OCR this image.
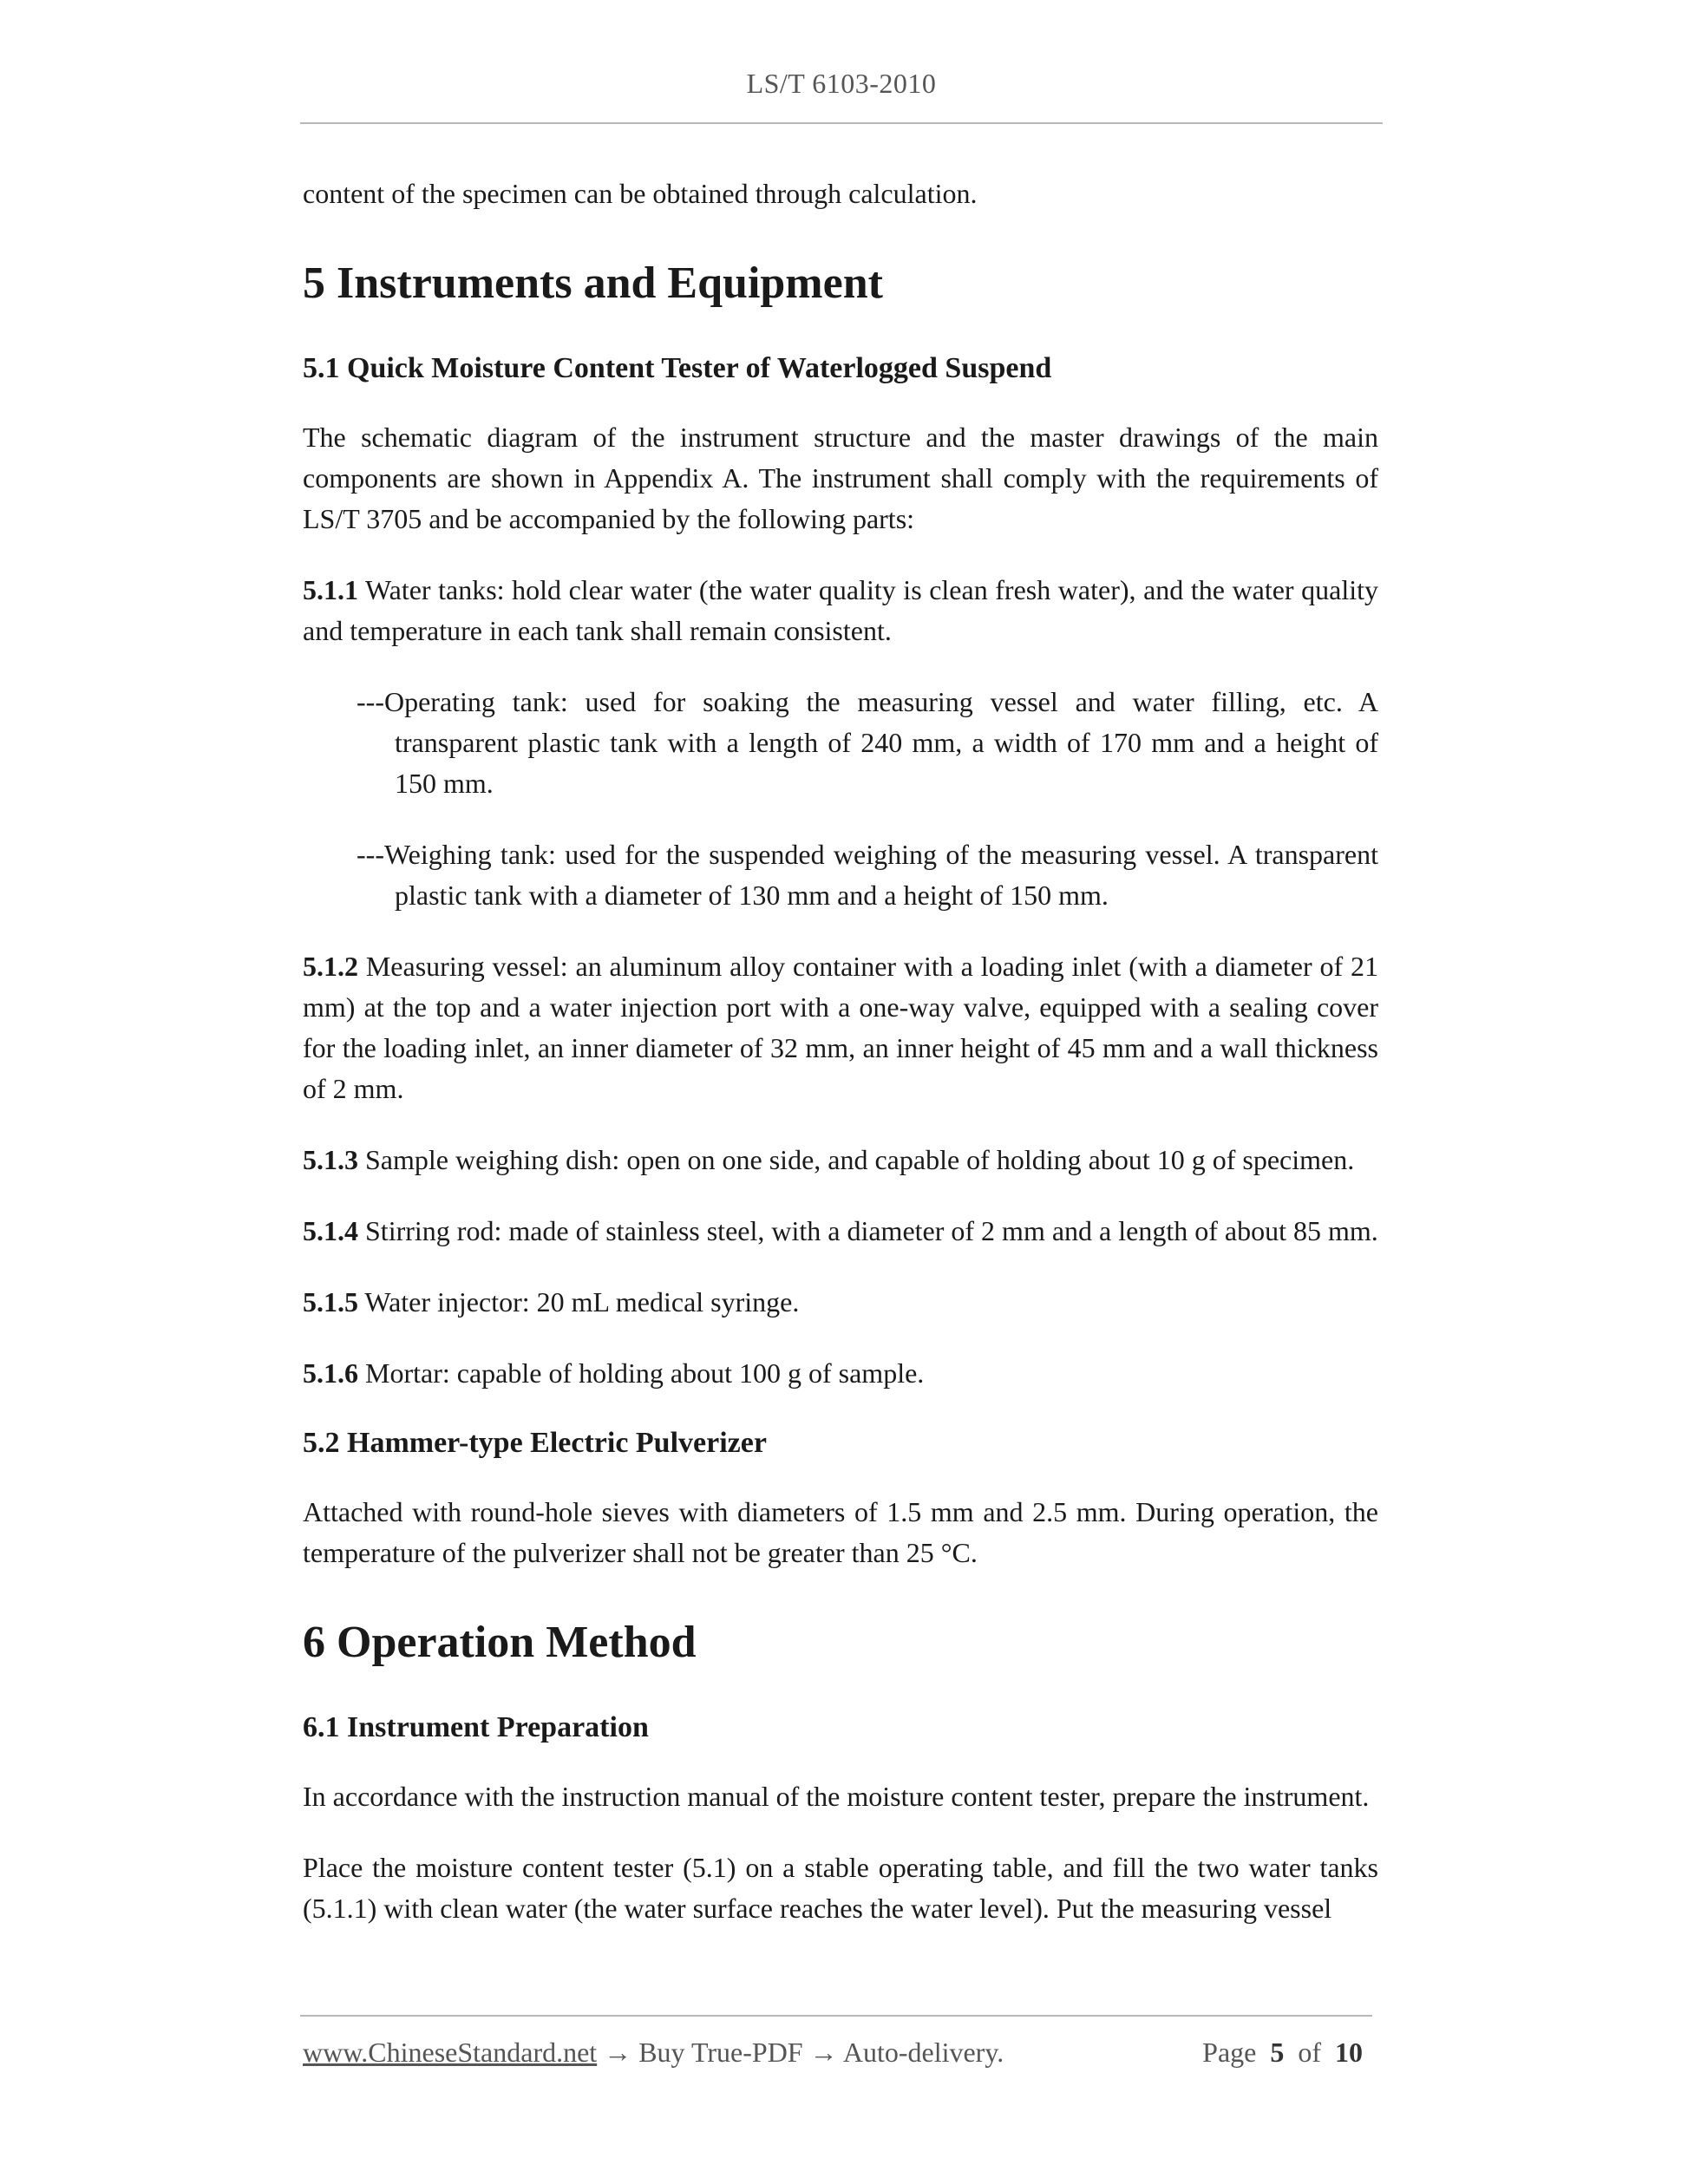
LS/T 6103-2010

content of the specimen can be obtained through calculation.

5 Instruments and Equipment
5.1 Quick Moisture Content Tester of Waterlogged Suspend

The schematic diagram of the instrument structure and the master drawings of the main components are shown in Appendix A. The instrument shall comply with the requirements of LS/T 3705 and be accompanied by the following parts:

5.1.1 Water tanks: hold clear water (the water quality is clean fresh water), and the water quality and temperature in each tank shall remain consistent.

---Operating tank: used for soaking the measuring vessel and water filling, etc. A transparent plastic tank with a length of 240 mm, a width of 170 mm and a height of 150 mm.

---Weighing tank: used for the suspended weighing of the measuring vessel. A transparent plastic tank with a diameter of 130 mm and a height of 150 mm.

5.1.2 Measuring vessel: an aluminum alloy container with a loading inlet (with a diameter of 21 mm) at the top and a water injection port with a one-way valve, equipped with a sealing cover for the loading inlet, an inner diameter of 32 mm, an inner height of 45 mm and a wall thickness of 2 mm.

5.1.3 Sample weighing dish: open on one side, and capable of holding about 10 g of specimen.

5.1.4 Stirring rod: made of stainless steel, with a diameter of 2 mm and a length of about 85 mm.

5.1.5 Water injector: 20 mL medical syringe.

5.1.6 Mortar: capable of holding about 100 g of sample.

5.2 Hammer-type Electric Pulverizer

Attached with round-hole sieves with diameters of 1.5 mm and 2.5 mm. During operation, the temperature of the pulverizer shall not be greater than 25 °C.

6 Operation Method
6.1 Instrument Preparation

In accordance with the instruction manual of the moisture content tester, prepare the instrument.

Place the moisture content tester (5.1) on a stable operating table, and fill the two water tanks (5.1.1) with clean water (the water surface reaches the water level). Put the measuring vessel

www.ChineseStandard.net → Buy True-PDF → Auto-delivery.	Page 5 of 10
